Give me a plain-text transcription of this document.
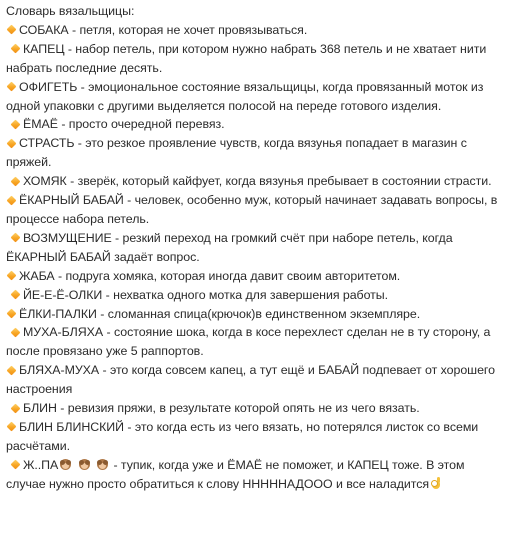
Словарь вязальщицы:

СОБАКА - петля, которая не хочет провязываться.

КАПЕЦ - набор петель, при котором нужно набрать 368 петель и не хватает нити набрать последние десять.

ОФИГЕТЬ - эмоциональное состояние вязальщицы, когда провязанный моток из одной упаковки с другими выделяется полосой на переде готового изделия.

ЁМАЁ - просто очередной перевяз.

СТРАСТЬ - это резкое проявление чувств, когда вязунья попадает в магазин с пряжей.

ХОМЯК - зверёк, который кайфует, когда вязунья пребывает в состоянии страсти.

ЁКАРНЫЙ БАБАЙ - человек, особенно муж, который начинает задавать вопросы, в процессе набора петель.

ВОЗМУЩЕНИЕ - резкий переход на громкий счёт при наборе петель, когда ЁКАРНЫЙ БАБАЙ задаёт вопрос.

ЖАБА - подруга хомяка, которая иногда давит своим авторитетом.

ЙЕ-Е-Ё-ОЛКИ - нехватка одного мотка для завершения работы.

ЁЛКИ-ПАЛКИ - сломанная спица(крючок)в единственном экземпляре.

МУХА-БЛЯХА - состояние шока, когда в косе перехлест сделан не в ту сторону, а после провязано уже 5 раппортов.

БЛЯХА-МУХА - это когда совсем капец, а тут ещё и БАБАЙ подпевает от хорошего настроения

БЛИН - ревизия пряжи, в результате которой опять не из чего вязать.

БЛИН БЛИНСКИЙ - это когда есть из чего вязать, но потерялся листок со всеми расчётами.

Ж..ПА

	- тупик, когда уже и ЁМАЁ не поможет, и КАПЕЦ тоже. В этом случае нужно просто обратиться к слову НННННАДООО и все наладится
